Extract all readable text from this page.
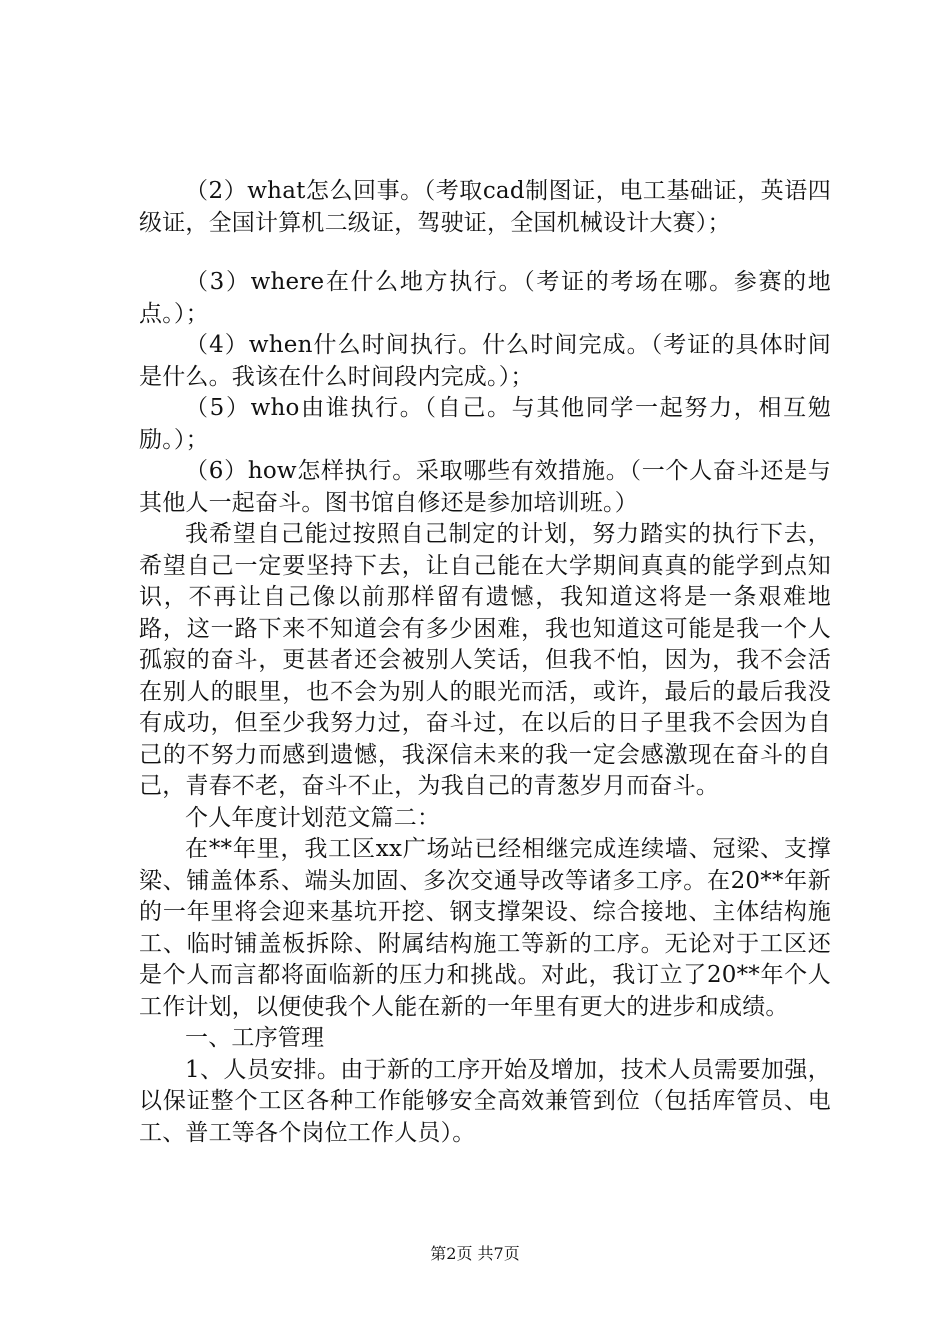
（2）what怎么回事。（考取cad制图证，电工基础证，英语四级证，全国计算机二级证，驾驶证，全国机械设计大赛）；

（3）where在什么地方执行。（考证的考场在哪。参赛的地点。）；

（4）when什么时间执行。什么时间完成。（考证的具体时间是什么。我该在什么时间段内完成。）；

（5）who由谁执行。（自己。与其他同学一起努力，相互勉励。）；

（6）how怎样执行。采取哪些有效措施。（一个人奋斗还是与其他人一起奋斗。图书馆自修还是参加培训班。）

我希望自己能过按照自己制定的计划，努力踏实的执行下去，希望自己一定要坚持下去，让自己能在大学期间真真的能学到点知识，不再让自己像以前那样留有遗憾，我知道这将是一条艰难地路，这一路下来不知道会有多少困难，我也知道这可能是我一个人孤寂的奋斗，更甚者还会被别人笑话，但我不怕，因为，我不会活在别人的眼里，也不会为别人的眼光而活，或许，最后的最后我没有成功，但至少我努力过，奋斗过，在以后的日子里我不会因为自己的不努力而感到遗憾，我深信未来的我一定会感激现在奋斗的自己，青春不老，奋斗不止，为我自己的青葱岁月而奋斗。

个人年度计划范文篇二：

在**年里，我工区xx广场站已经相继完成连续墙、冠梁、支撑梁、铺盖体系、端头加固、多次交通导改等诸多工序。在20**年新的一年里将会迎来基坑开挖、钢支撑架设、综合接地、主体结构施工、临时铺盖板拆除、附属结构施工等新的工序。无论对于工区还是个人而言都将面临新的压力和挑战。对此，我订立了20**年个人工作计划，以便使我个人能在新的一年里有更大的进步和成绩。

一、工序管理

1、人员安排。由于新的工序开始及增加，技术人员需要加强，以保证整个工区各种工作能够安全高效兼管到位（包括库管员、电工、普工等各个岗位工作人员）。

第2页 共7页
